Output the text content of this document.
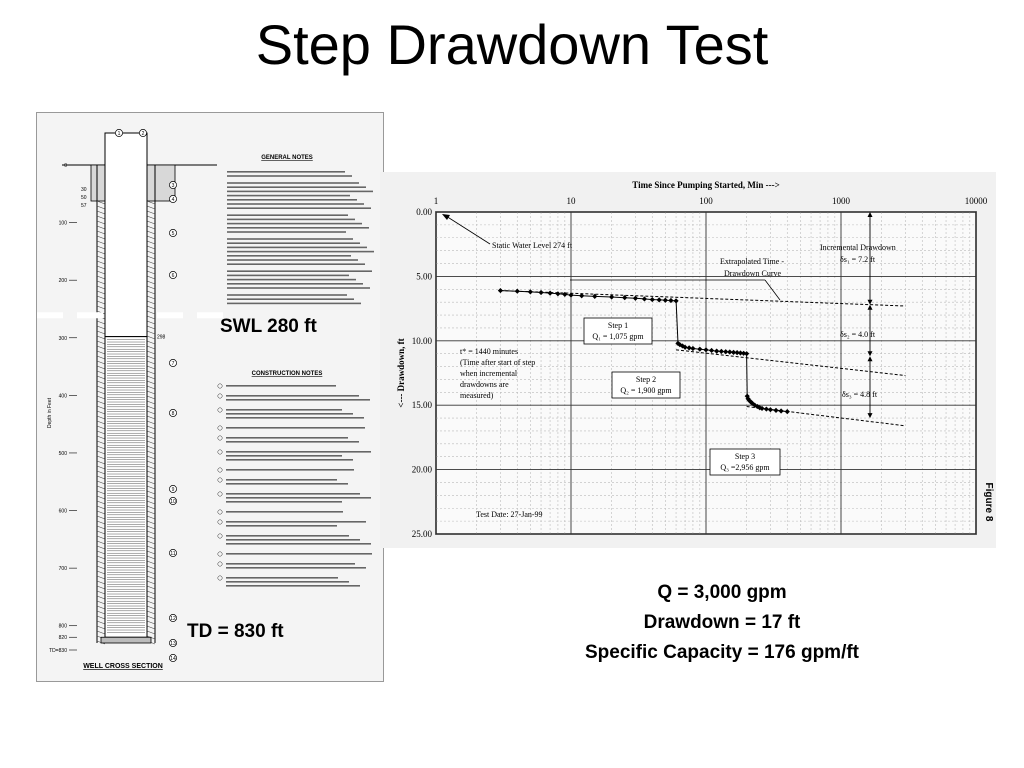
Step Drawdown Test
0
100
200
300
400
500
600
700
800
820
TD=830
Depth in Feet
30
50
57
298
1	2
3
4
5
6
7
8
9
10
11
12
13
14
WELL CROSS SECTION
GENERAL NOTES
CONSTRUCTION NOTES
SWL 280 ft
TD = 830 ft
1	10	100	1000	10000
0.00
5.00
10.00
15.00
20.00
25.00
Time Since Pumping Started, Min --->
<--- Drawdown, ft
Figure 8
Static Water Level 274 ft
Extrapolated Time -
Drawdown Curve
Incremental Drawdown
δs₁ = 7.2 ft
δs₂ = 4.0 ft
δs₃ = 4.8 ft
t* = 1440 minutes
(Time after start of step
when incremental
drawdowns are
measured)
Step 1
Q₁ = 1,075 gpm
Step 2
Q₂ = 1,900 gpm
Step 3
Q₃ =2,956 gpm
Test Date: 27-Jan-99
Q = 3,000 gpm
Drawdown = 17 ft
Specific Capacity = 176 gpm/ft
